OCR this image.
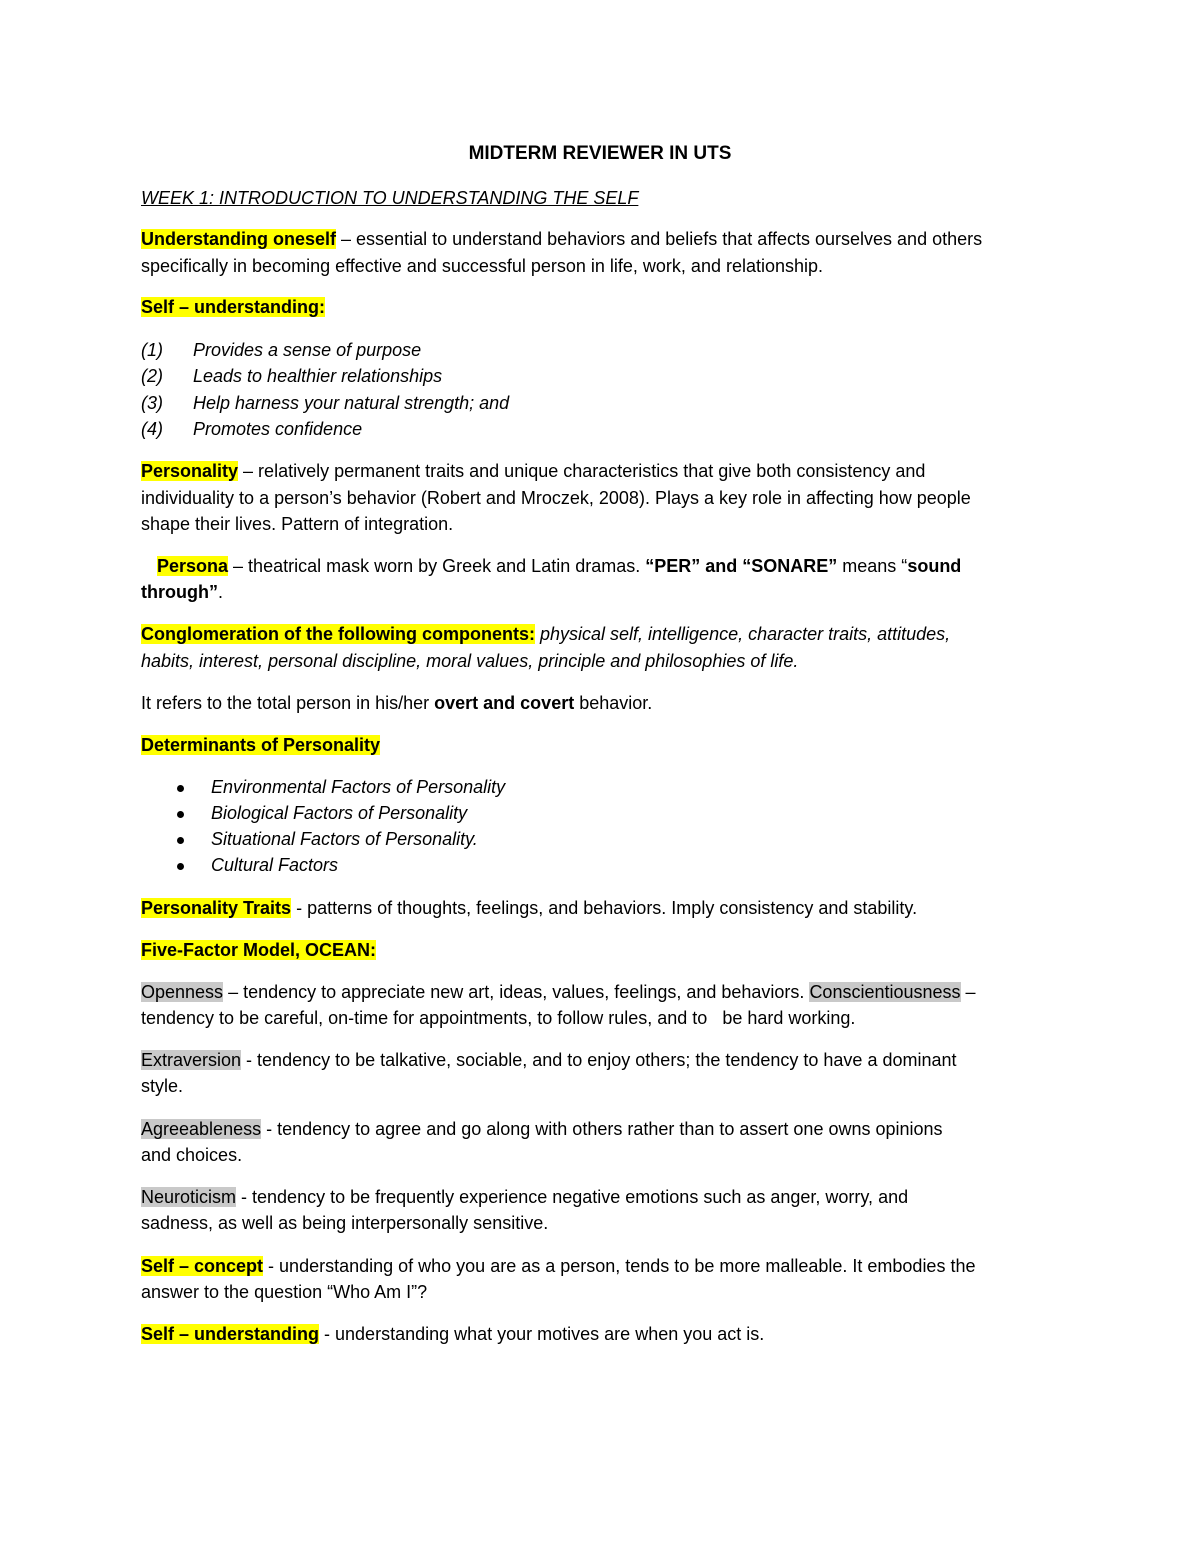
MIDTERM REVIEWER IN UTS
WEEK 1: INTRODUCTION TO UNDERSTANDING THE SELF
Understanding oneself – essential to understand behaviors and beliefs that affects ourselves and others
specifically in becoming effective and successful person in life, work, and relationship.
Self – understanding:
(1) Provides a sense of purpose
(2) Leads to healthier relationships
(3) Help harness your natural strength; and
(4) Promotes confidence
Personality – relatively permanent traits and unique characteristics that give both consistency and
individuality to a person’s behavior (Robert and Mroczek, 2008). Plays a key role in affecting how people
shape their lives. Pattern of integration.
Persona – theatrical mask worn by Greek and Latin dramas. “PER” and “SONARE” means “sound
through”.
Conglomeration of the following components: physical self, intelligence, character traits, attitudes,
habits, interest, personal discipline, moral values, principle and philosophies of life.
It refers to the total person in his/her overt and covert behavior.
Determinants of Personality
Environmental Factors of Personality
Biological Factors of Personality
Situational Factors of Personality.
Cultural Factors
Personality Traits - patterns of thoughts, feelings, and behaviors. Imply consistency and stability.
Five-Factor Model, OCEAN:
Openness – tendency to appreciate new art, ideas, values, feelings, and behaviors. Conscientiousness –
tendency to be careful, on-time for appointments, to follow rules, and to   be hard working.
Extraversion - tendency to be talkative, sociable, and to enjoy others; the tendency to have a dominant
style.
Agreeableness - tendency to agree and go along with others rather than to assert one owns opinions
and choices.
Neuroticism - tendency to be frequently experience negative emotions such as anger, worry, and
sadness, as well as being interpersonally sensitive.
Self – concept - understanding of who you are as a person, tends to be more malleable. It embodies the
answer to the question “Who Am I”?
Self – understanding - understanding what your motives are when you act is.
